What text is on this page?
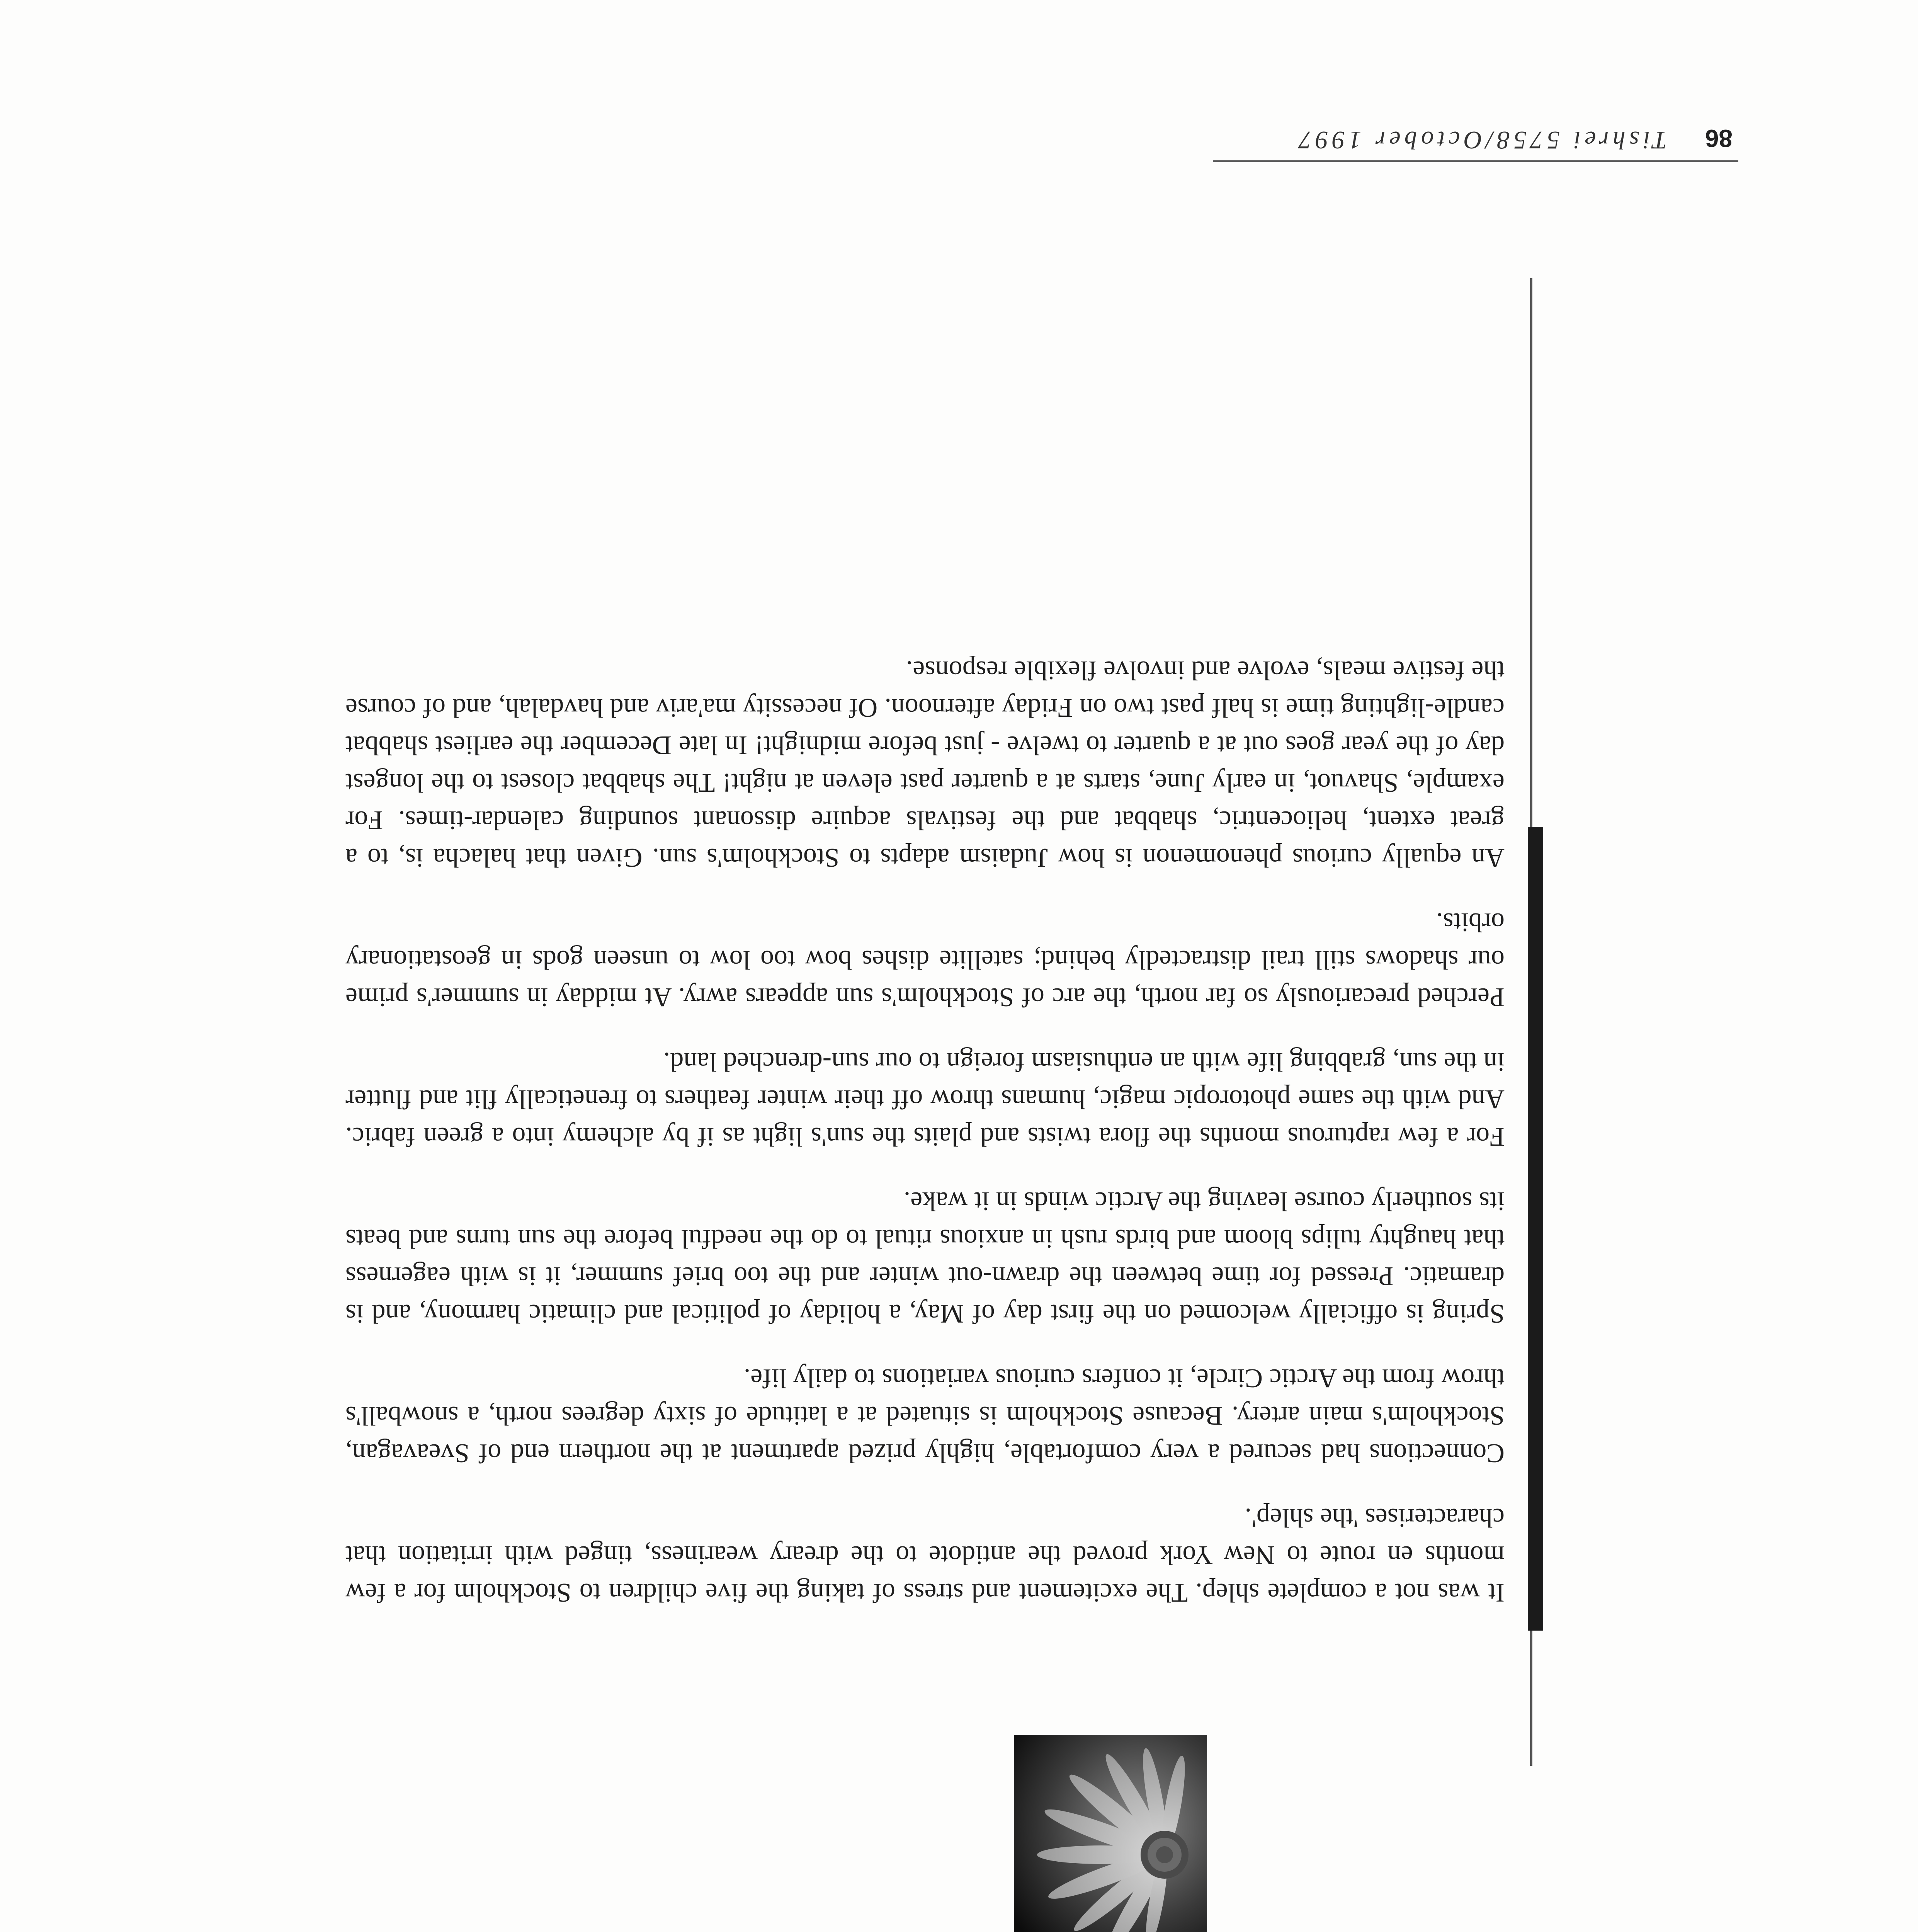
It was not a complete shlep. The excitement and stress of taking the five children to Stockholm for a few months en route to New York proved the antidote to the dreary weariness, tinged with irritation that characterises 'the shlep'.

Connections had secured a very comfortable, highly prized apartment at the northern end of Sveavagan, Stockholm's main artery. Because Stockholm is situated at a latitude of sixty degrees north, a snowball's throw from the Arctic Circle, it confers curious variations to daily life.

Spring is officially welcomed on the first day of May, a holiday of political and climatic harmony, and is dramatic. Pressed for time between the drawn-out winter and the too brief summer, it is with eagerness that haughty tulips bloom and birds rush in anxious ritual to do the needful before the sun turns and beats its southerly course leaving the Arctic winds in it wake.

For a few rapturous months the flora twists and plaits the sun's light as if by alchemy into a green fabric. And with the same photoropic magic, humans throw off their winter feathers to frenetically flit and flutter in the sun, grabbing life with an enthusiasm foreign to our sun-drenched land.

Perched precariously so far north, the arc of Stockholm's sun appears awry. At midday in summer's prime our shadows still trail distractedly behind; satellite dishes bow too low to unseen gods in geostationary orbits.

An equally curious phenomenon is how Judaism adapts to Stockholm's sun. Given that halacha is, to a great extent, heliocentric, shabbat and the festivals acquire dissonant sounding calendar-times. For example, Shavuot, in early June, starts at a quarter past eleven at night! The shabbat closest to the longest day of the year goes out at a quarter to twelve - just before midnight! In late December the earliest shabbat candle-lighting time is half past two on Friday afternoon. Of necessity ma'ariv and havdalah, and of course the festive meals, evolve and involve flexible response.

86
Tishrei 5758/October 1997
